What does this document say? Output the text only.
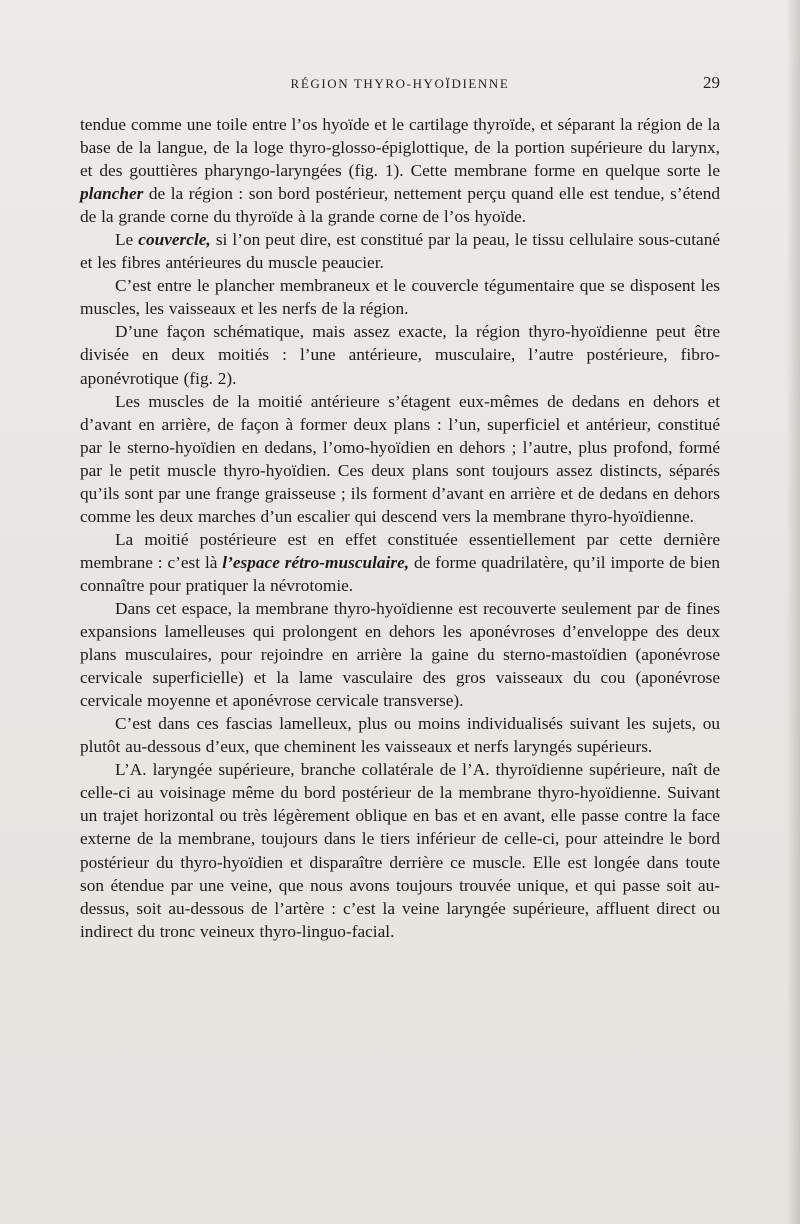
RÉGION THYRO-HYOÏDIENNE	29

tendue comme une toile entre l’os hyoïde et le cartilage thyroïde, et séparant la région de la base de la langue, de la loge thyro-glosso-épiglottique, de la portion supérieure du larynx, et des gouttières pharyngo-laryngées (fig. 1). Cette membrane forme en quelque sorte le plancher de la région : son bord postérieur, nettement perçu quand elle est tendue, s’étend de la grande corne du thyroïde à la grande corne de l’os hyoïde.

Le couvercle, si l’on peut dire, est constitué par la peau, le tissu cellulaire sous-cutané et les fibres antérieures du muscle peaucier.

C’est entre le plancher membraneux et le couvercle tégumentaire que se disposent les muscles, les vaisseaux et les nerfs de la région.

D’une façon schématique, mais assez exacte, la région thyro-hyoïdienne peut être divisée en deux moitiés : l’une antérieure, musculaire, l’autre postérieure, fibro-aponévrotique (fig. 2).

Les muscles de la moitié antérieure s’étagent eux-mêmes de dedans en dehors et d’avant en arrière, de façon à former deux plans : l’un, superficiel et antérieur, constitué par le sterno-hyoïdien en dedans, l’omo-hyoïdien en dehors ; l’autre, plus profond, formé par le petit muscle thyro-hyoïdien. Ces deux plans sont toujours assez distincts, séparés qu’ils sont par une frange graisseuse ; ils forment d’avant en arrière et de dedans en dehors comme les deux marches d’un escalier qui descend vers la membrane thyro-hyoïdienne.

La moitié postérieure est en effet constituée essentiellement par cette dernière membrane : c’est là l’espace rétro-musculaire, de forme quadrilatère, qu’il importe de bien connaître pour pratiquer la névrotomie.

Dans cet espace, la membrane thyro-hyoïdienne est recouverte seulement par de fines expansions lamelleuses qui prolongent en dehors les aponévroses d’enveloppe des deux plans musculaires, pour rejoindre en arrière la gaine du sterno-mastoïdien (aponévrose cervicale superficielle) et la lame vasculaire des gros vaisseaux du cou (aponévrose cervicale moyenne et aponévrose cervicale transverse).

C’est dans ces fascias lamelleux, plus ou moins individualisés suivant les sujets, ou plutôt au-dessous d’eux, que cheminent les vaisseaux et nerfs laryngés supérieurs.

L’A. laryngée supérieure, branche collatérale de l’A. thyroïdienne supérieure, naît de celle-ci au voisinage même du bord postérieur de la membrane thyro-hyoïdienne. Suivant un trajet horizontal ou très légèrement oblique en bas et en avant, elle passe contre la face externe de la membrane, toujours dans le tiers inférieur de celle-ci, pour atteindre le bord postérieur du thyro-hyoïdien et disparaître derrière ce muscle. Elle est longée dans toute son étendue par une veine, que nous avons toujours trouvée unique, et qui passe soit au-dessus, soit au-dessous de l’artère : c’est la veine laryngée supérieure, affluent direct ou indirect du tronc veineux thyro-linguo-facial.
